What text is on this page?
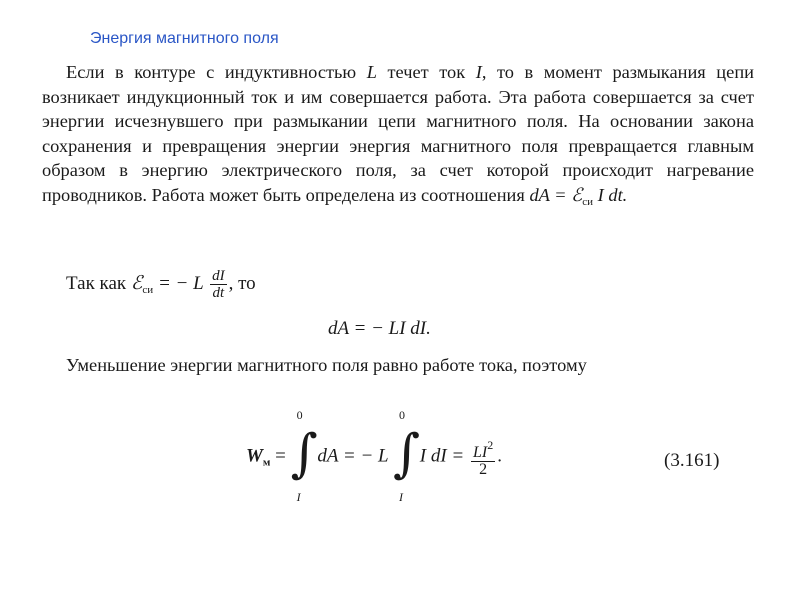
Энергия магнитного поля
Если в контуре с индуктивностью L течет ток I, то в момент размыкания цепи возникает индукционный ток и им совершается работа. Эта работа совершается за счет энергии исчезнувшего при размыкании цепи магнитного поля. На основании закона сохранения и превращения энергии энергия магнитного поля превращается главным образом в энергию электрического поля, за счет которой происходит нагревание проводников. Работа может быть определена из соотношения dA = ℰ$_{си}$ I dt.
Так как ℰ$_{си}$ = − L $\frac{dI}{dt}$ , то
dA = − LI dI.
Уменьшение энергии магнитного поля равно работе тока, поэтому
$W_м$ =
0
∫
I
dA = − L
0
∫
I
I dI = $\frac{LI^2}{2}$ .	(3.161)
